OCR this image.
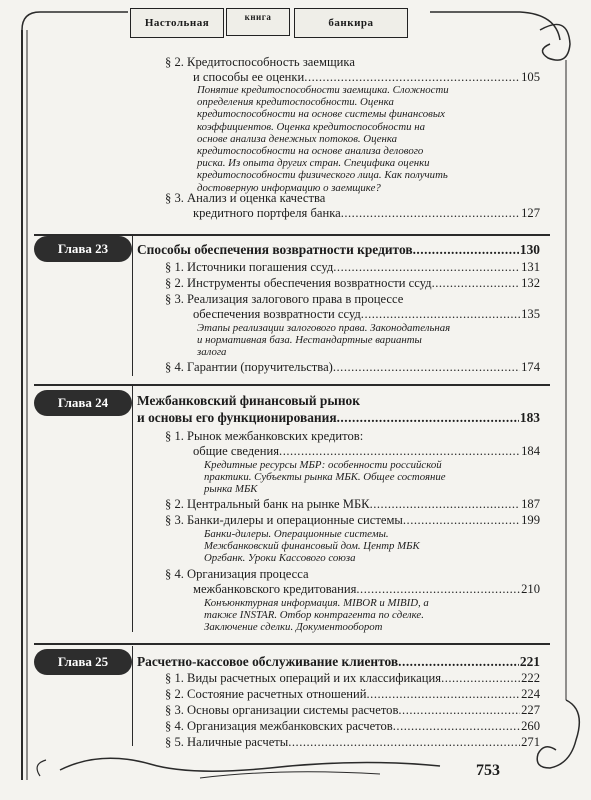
Настольная	книга	банкира
§ 2. Кредитоспособность заемщика
и способы ее оценки .....	105
Понятие кредитоспособности заемщика. Сложности
определения кредитоспособности. Оценка
кредитоспособности на основе системы финансовых
коэффициентов. Оценка кредитоспособности на
основе анализа денежных потоков. Оценка
кредитоспособности на основе анализа делового
риска. Из опыта других стран. Специфика оценки
кредитоспособности физического лица. Как получить
достоверную информацию о заемщике?
§ 3. Анализ и оценка качества
кредитного портфеля банка .....	127
Глава 23	Способы обеспечения возвратности кредитов .....	130
§ 1. Источники погашения ссуд .....	131
§ 2. Инструменты обеспечения возвратности ссуд .....	132
§ 3. Реализация залогового права в процессе
обеспечения возвратности ссуд .....	135
Этапы реализации залогового права. Законодательная
и нормативная база. Нестандартные варианты
залога
§ 4. Гарантии (поручительства) .....	174
Глава 24	Межбанковский финансовый рынок
и основы его функционирования .....	183
§ 1. Рынок межбанковских кредитов:
общие сведения .....	184
Кредитные ресурсы МБР: особенности российской
практики. Субъекты рынка МБК. Общее состояние
рынка МБК
§ 2. Центральный банк на рынке МБК .....	187
§ 3. Банки-дилеры и операционные системы .....	199
Банки-дилеры. Операционные системы.
Межбанковский финансовый дом. Центр МБК
Оргбанк. Уроки Кассового союза
§ 4. Организация процесса
межбанковского кредитования .....	210
Конъюнктурная информация. MIBOR и MIBID, а
также INSTAR. Отбор контрагента по сделке.
Заключение сделки. Документооборот
Глава 25	Расчетно-кассовое обслуживание клиентов .....	221
§ 1. Виды расчетных операций и их классификация .....	222
§ 2. Состояние расчетных отношений .....	224
§ 3. Основы организации системы расчетов .....	227
§ 4. Организация межбанковских расчетов .....	260
§ 5. Наличные расчеты .....	271
753
